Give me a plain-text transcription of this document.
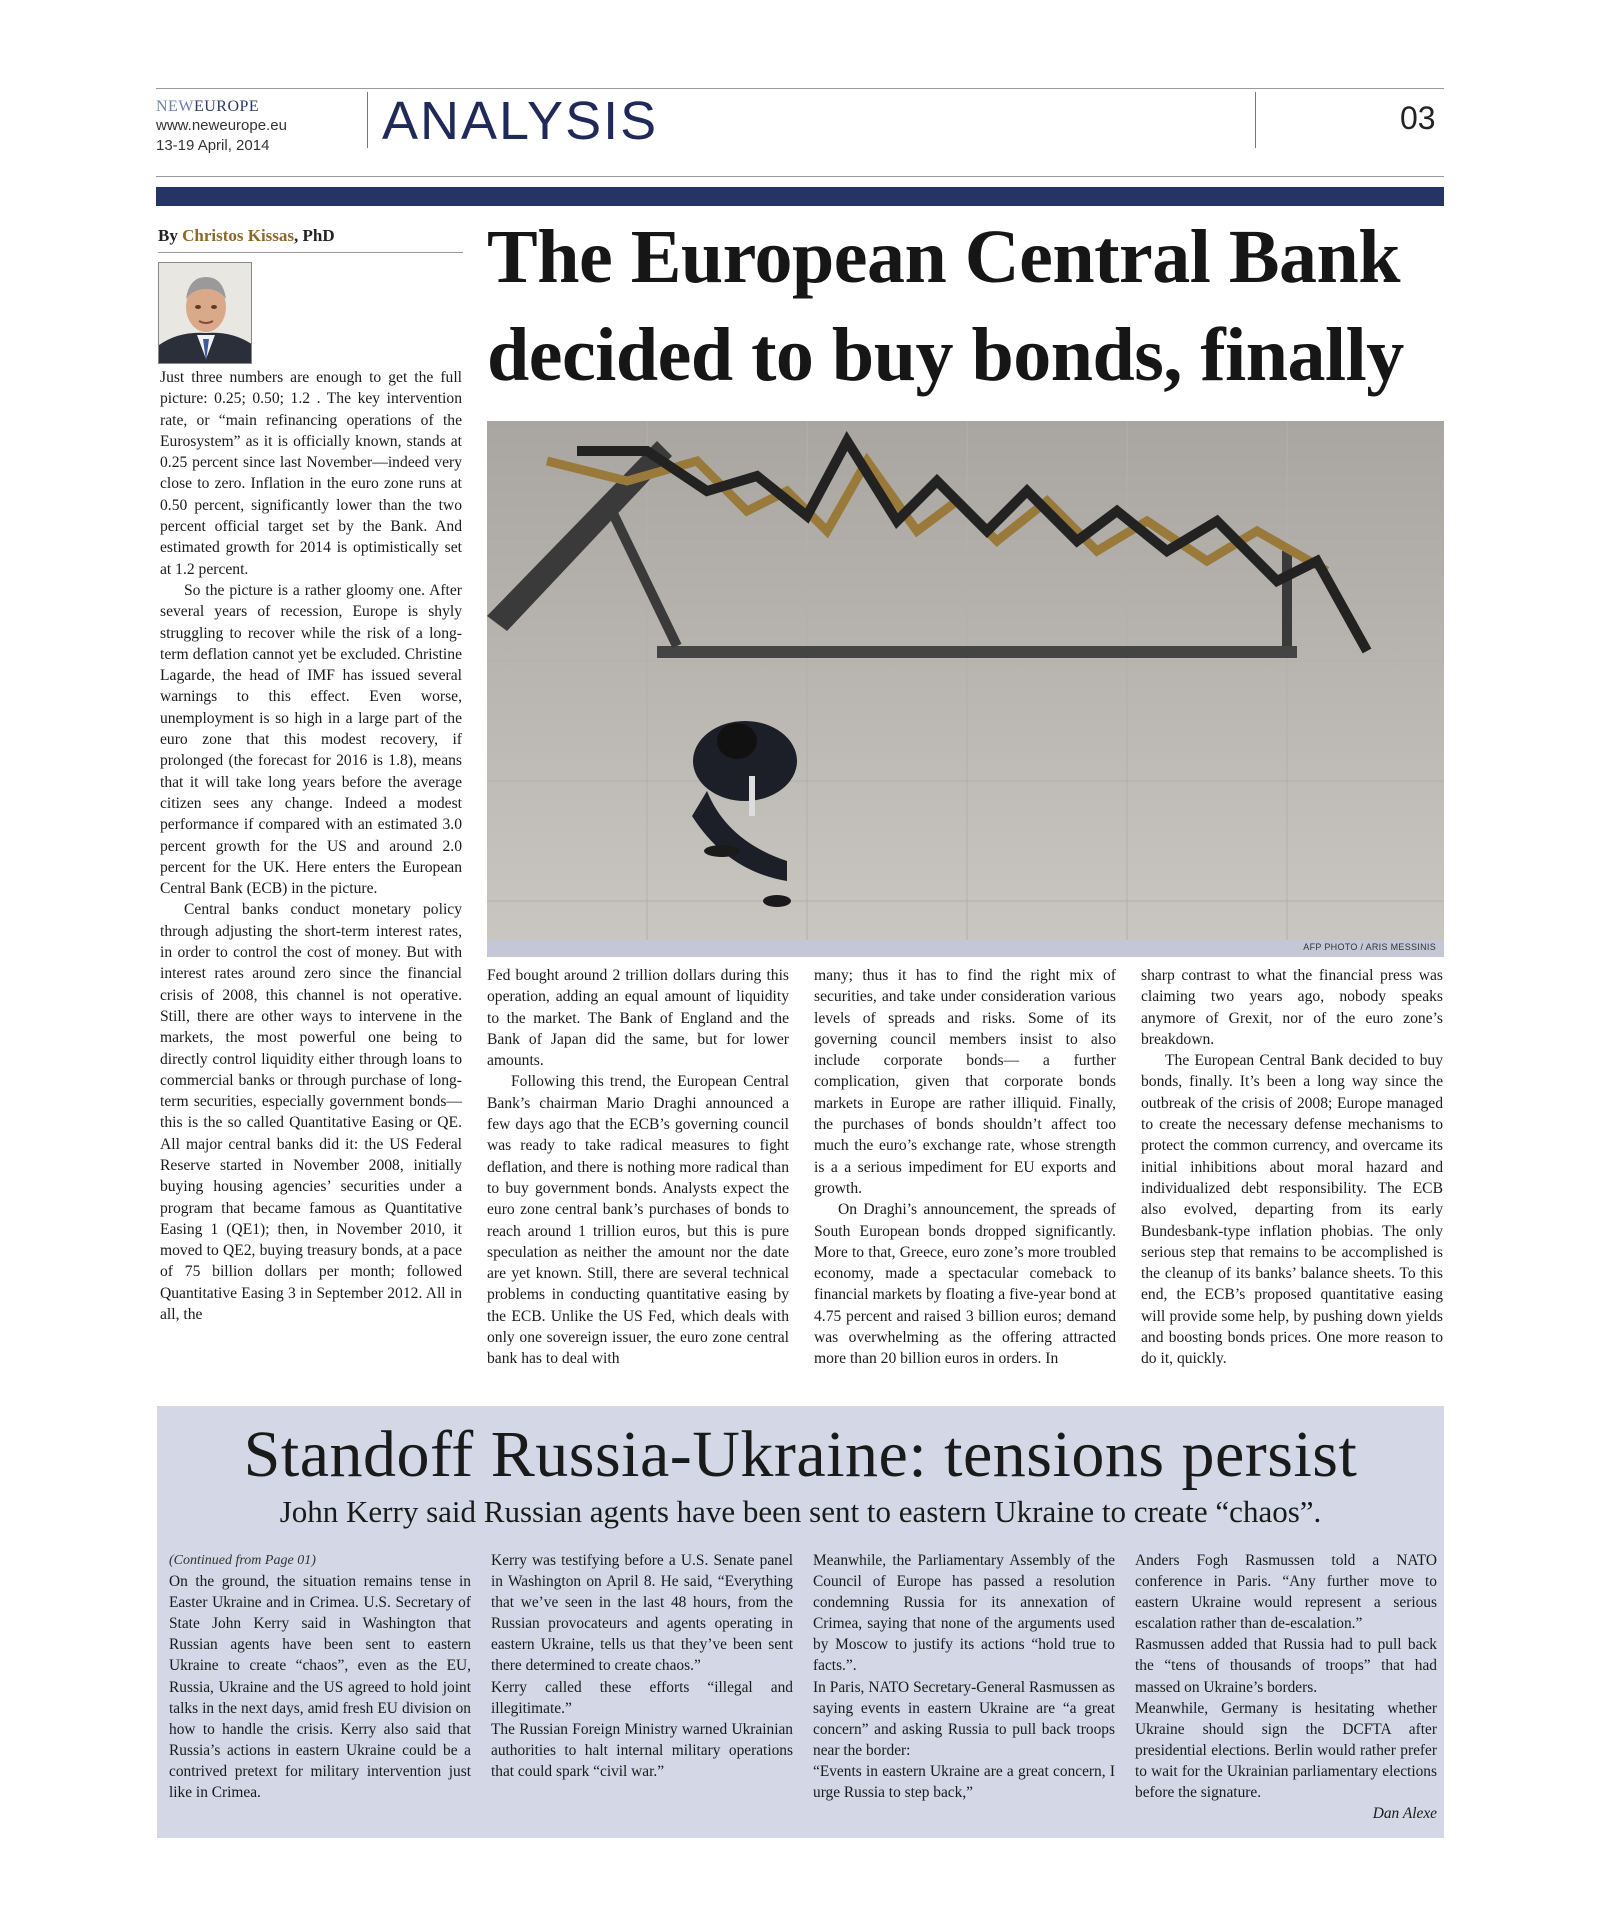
NEWEUROPE
www.neweurope.eu
13-19 April, 2014	ANALYSIS	03
By Christos Kissas, PhD	The European Central Bank
decided to buy bonds, finally
AFP PHOTO / ARIS MESSINIS

Just three numbers are enough to get the full picture: 0.25; 0.50; 1.2 . The key intervention rate, or “main refinancing operations of the Eurosystem” as it is officially known, stands at 0.25 percent since last November—indeed very close to zero. Inflation in the euro zone runs at 0.50 percent, significantly lower than the two percent official target set by the Bank. And estimated growth for 2014 is optimistically set at 1.2 percent.

So the picture is a rather gloomy one. After several years of recession, Europe is shyly struggling to recover while the risk of a long-term deflation cannot yet be excluded. Christine Lagarde, the head of IMF has issued several warnings to this effect. Even worse, unemployment is so high in a large part of the euro zone that this modest recovery, if prolonged (the forecast for 2016 is 1.8), means that it will take long years before the average citizen sees any change. Indeed a modest performance if compared with an estimated 3.0 percent growth for the US and around 2.0 percent for the UK. Here enters the European Central Bank (ECB) in the picture.

Central banks conduct monetary policy through adjusting the short-term interest rates, in order to control the cost of money. But with interest rates around zero since the financial crisis of 2008, this channel is not operative. Still, there are other ways to intervene in the markets, the most powerful one being to directly control liquidity either through loans to commercial banks or through purchase of long-term securities, especially government bonds—this is the so called Quantitative Easing or QE. All major central banks did it: the US Federal Reserve started in November 2008, initially buying housing agencies’ securities under a program that became famous as Quantitative Easing 1 (QE1); then, in November 2010, it moved to QE2, buying treasury bonds, at a pace of 75 billion dollars per month; followed Quantitative Easing 3 in September 2012. All in all, the

Fed bought around 2 trillion dollars during this operation, adding an equal amount of liquidity to the market. The Bank of England and the Bank of Japan did the same, but for lower amounts.

Following this trend, the European Central Bank’s chairman Mario Draghi announced a few days ago that the ECB’s governing council was ready to take radical measures to fight deflation, and there is nothing more radical than to buy government bonds. Analysts expect the euro zone central bank’s purchases of bonds to reach around 1 trillion euros, but this is pure speculation as neither the amount nor the date are yet known. Still, there are several technical problems in conducting quantitative easing by the ECB. Unlike the US Fed, which deals with only one sovereign issuer, the euro zone central bank has to deal with

many; thus it has to find the right mix of securities, and take under consideration various levels of spreads and risks. Some of its governing council members insist to also include corporate bonds— a further complication, given that corporate bonds markets in Europe are rather illiquid. Finally, the purchases of bonds shouldn’t affect too much the euro’s exchange rate, whose strength is a a serious impediment for EU exports and growth.

On Draghi’s announcement, the spreads of South European bonds dropped significantly. More to that, Greece, euro zone’s more troubled economy, made a spectacular comeback to financial markets by floating a five-year bond at 4.75 percent and raised 3 billion euros; demand was overwhelming as the offering attracted more than 20 billion euros in orders. In

sharp contrast to what the financial press was claiming two years ago, nobody speaks anymore of Grexit, nor of the euro zone’s breakdown.

The European Central Bank decided to buy bonds, finally. It’s been a long way since the outbreak of the crisis of 2008; Europe managed to create the necessary defense mechanisms to protect the common currency, and overcame its initial inhibitions about moral hazard and individualized debt responsibility. The ECB also evolved, departing from its early Bundesbank-type inflation phobias. The only serious step that remains to be accomplished is the cleanup of its banks’ balance sheets. To this end, the ECB’s proposed quantitative easing will provide some help, by pushing down yields and boosting bonds prices. One more reason to do it, quickly.

Standoff Russia-Ukraine: tensions persist
John Kerry said Russian agents have been sent to eastern Ukraine to create “chaos”.

(Continued from Page 01)

On the ground, the situation remains tense in Easter Ukraine and in Crimea. U.S. Secretary of State John Kerry said in Washington that Russian agents have been sent to eastern Ukraine to create “chaos”, even as the EU, Russia, Ukraine and the US agreed to hold joint talks in the next days, amid fresh EU division on how to handle the crisis. Kerry also said that Russia’s actions in eastern Ukraine could be a contrived pretext for military intervention just like in Crimea.

Kerry was testifying before a U.S. Senate panel in Washington on April 8. He said, “Everything that we’ve seen in the last 48 hours, from the Russian provocateurs and agents operating in eastern Ukraine, tells us that they’ve been sent there determined to create chaos.”

Kerry called these efforts “illegal and illegitimate.”

The Russian Foreign Ministry warned Ukrainian authorities to halt internal military operations that could spark “civil war.”

Meanwhile, the Parliamentary Assembly of the Council of Europe has passed a resolution condemning Russia for its annexation of Crimea, saying that none of the arguments used by Moscow to justify its actions “hold true to facts.”.

In Paris, NATO Secretary-General Rasmussen as saying events in eastern Ukraine are “a great concern” and asking Russia to pull back troops near the border:

“Events in eastern Ukraine are a great concern, I urge Russia to step back,”

Anders Fogh Rasmussen told a NATO conference in Paris. “Any further move to eastern Ukraine would represent a serious escalation rather than de-escalation.”

Rasmussen added that Russia had to pull back the “tens of thousands of troops” that had massed on Ukraine’s borders.

Meanwhile, Germany is hesitating whether Ukraine should sign the DCFTA after presidential elections. Berlin would rather prefer to wait for the Ukrainian parliamentary elections before the signature.

Dan Alexe
